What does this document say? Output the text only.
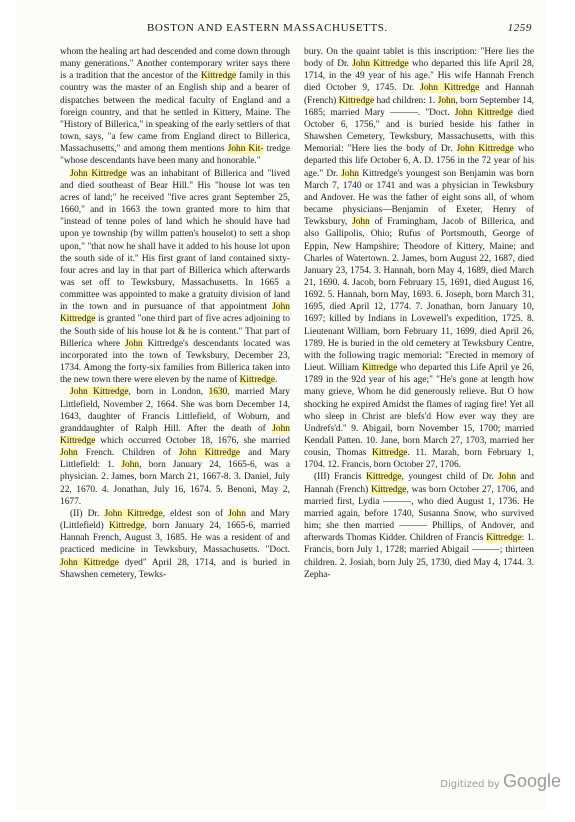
BOSTON AND EASTERN MASSACHUSETTS.	1259

whom the healing art had descended and come down through many generations." Another contemporary writer says there is a tradition that the ancestor of the Kittredge family in this country was the master of an English ship and a bearer of dispatches between the medical faculty of England and a foreign country, and that he settled in Kittery, Maine. The "History of Billerica," in speaking of the early settlers of that town, says, "a few came from England direct to Billerica, Massachusetts," and among them mentions John Kit- tredge "whose descendants have been many and honorable."

John Kittredge was an inhabitant of Billerica and "lived and died southeast of Bear Hill." His "house lot was ten acres of land;" he received "five acres grant September 25, 1660," and in 1663 the town granted more to him that "instead of tenne poles of land which he should have had upon ye township (by willm patten's houselot) to sett a shop upon," "that now he shall have it added to his house lot upon the south side of it." His first grant of land contained sixty-four acres and lay in that part of Billerica which afterwards was set off to Tewksbury, Massachusetts. In 1665 a committee was appointed to make a gratuity division of land in the town and in pursuance of that appointment John Kittredge is granted "one third part of five acres adjoining to the South side of his house lot & he is content." That part of Billerica where John Kittredge's descendants located was incorporated into the town of Tewksbury, December 23, 1734. Among the forty-six families from Billerica taken into the new town there were eleven by the name of Kittredge.

John Kittredge, born in London, 1630, married Mary Littlefield, November 2, 1664. She was born December 14, 1643, daughter of Francis Littlefield, of Woburn, and granddaughter of Ralph Hill. After the death of John Kittredge which occurred October 18, 1676, she married John French. Children of John Kittredge and Mary Littlefield: 1. John, born January 24, 1665-6, was a physician. 2. James, born March 21, 1667-8. 3. Daniel, July 22, 1670. 4. Jonathan, July 16, 1674. 5. Benoni, May 2, 1677.

(II) Dr. John Kittredge, eldest son of John and Mary (Littlefield) Kittredge, born January 24, 1665-6, married Hannah French, August 3, 1685. He was a resident of and practiced medicine in Tewksbury, Massachusetts. "Doct. John Kittredge dyed" April 28, 1714, and is buried in Shawshen cemetery, Tewks-

bury. On the quaint tablet is this inscription: "Here lies the body of Dr. John Kittredge who departed this life April 28, 1714, in the 49 year of his age." His wife Hannah French died October 9, 1745. Dr. John Kittredge and Hannah (French) Kittredge had children: 1. John, born September 14, 1685; married Mary ———. "Doct. John Kittredge died October 6, 1756," and is buried beside his father in Shawshen Cemetery, Tewksbury, Massachusetts, with this Memorial: "Here lies the body of Dr. John Kittredge who departed this life October 6, A. D. 1756 in the 72 year of his age." Dr. John Kittredge's youngest son Benjamin was born March 7, 1740 or 1741 and was a physician in Tewksbury and Andover. He was the father of eight sons all, of whom became physicians—Benjamin of Exeter, Henry of Tewksbury, John of Framingham, Jacob of Billerica, and also Gallipolis, Ohio; Rufus of Portsmouth, George of Eppin, New Hampshire; Theodore of Kittery, Maine; and Charles of Watertown. 2. James, born August 22, 1687, died January 23, 1754. 3. Hannah, born May 4, 1689, died March 21, 1690. 4. Jacob, born February 15, 1691, died August 16, 1692. 5. Hannah, born May, 1693. 6. Joseph, born March 31, 1695, died April 12, 1774. 7. Jonathan, born January 10, 1697; killed by Indians in Lovewell's expedition, 1725. 8. Lieutenant William, born February 11, 1699, died April 26, 1789. He is buried in the old cemetery at Tewksbury Centre, with the following tragic memorial: "Erected in memory of Lieut. William Kittredge who departed this Life April ye 26, 1789 in the 92d year of his age;" "He's gone at length how many grieve, Whom he did generously relieve. But O how shocking he expired Amidst the flames of raging fire! Yet all who sleep in Christ are blefs'd How ever way they are Undrefs'd." 9. Abigail, born November 15, 1700; married Kendall Patten. 10. Jane, born March 27, 1703, married her cousin, Thomas Kittredge. 11. Marah, born February 1, 1704. 12. Francis, born October 27, 1706.

(III) Francis Kittredge, youngest child of Dr. John and Hannah (French) Kittredge, was born October 27, 1706, and married first, Lydia ———, who died August 1, 1736. He married again, before 1740, Susanna Snow, who survived him; she then married ——— Phillips, of Andover, and afterwards Thomas Kidder. Children of Francis Kittredge: 1. Francis, born July 1, 1728; married Abigail ———; thirteen children. 2. Josiah, born July 25, 1730, died May 4, 1744. 3. Zepha-

Digitized by Google
